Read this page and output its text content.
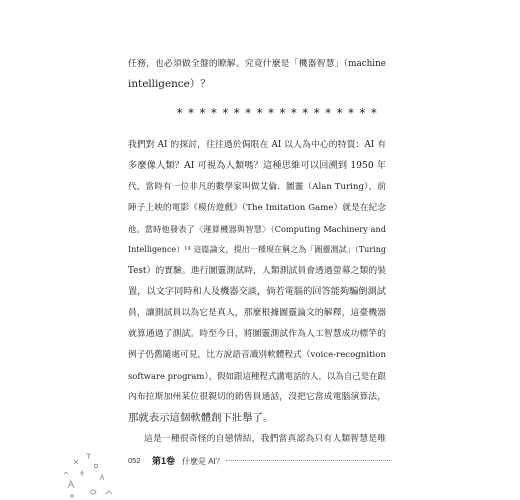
任務，也必須做全盤的瞭解。究竟什麼是「機器智慧」（machine
intelligence）？
******************
我們對 AI 的探討，往往過於侷限在 AI 以人為中心的特質：AI 有
多麼像人類？AI 可視為人類嗎？這種思維可以回溯到 1950 年
代，當時有一位非凡的數學家叫做艾倫．圖靈（Alan Turing），前
陣子上映的電影《模仿遊戲》（The Imitation Game）就是在紀念
他。當時他發表了〈運算機器與智慧〉（Computing Machinery and
Intelligence）¹⁴ 這篇論文，提出一種現在稱之為「圖靈測試」（Turing
Test）的實驗。進行圖靈測試時，人類測試員會透過螢幕之類的裝
置，以文字同時和人及機器交談，倘若電腦的回答能夠騙倒測試
員，讓測試員以為它是真人，那麼根據圖靈論文的解釋，這臺機器
就算通過了測試。時至今日，將圖靈測試作為人工智慧成功標竿的
例子仍舊隨處可見，比方說語音識別軟體程式（voice-recognition
software program），假如跟這種程式講電話的人，以為自己是在跟
內布拉斯加州某位很親切的銷售員通話，沒把它當成電腦演算法，
那就表示這個軟體創下壯舉了。
這是一種很奇怪的自戀情結，我們當真認為只有人類智慧是唯
052 第1卷 什麼是 AI？
